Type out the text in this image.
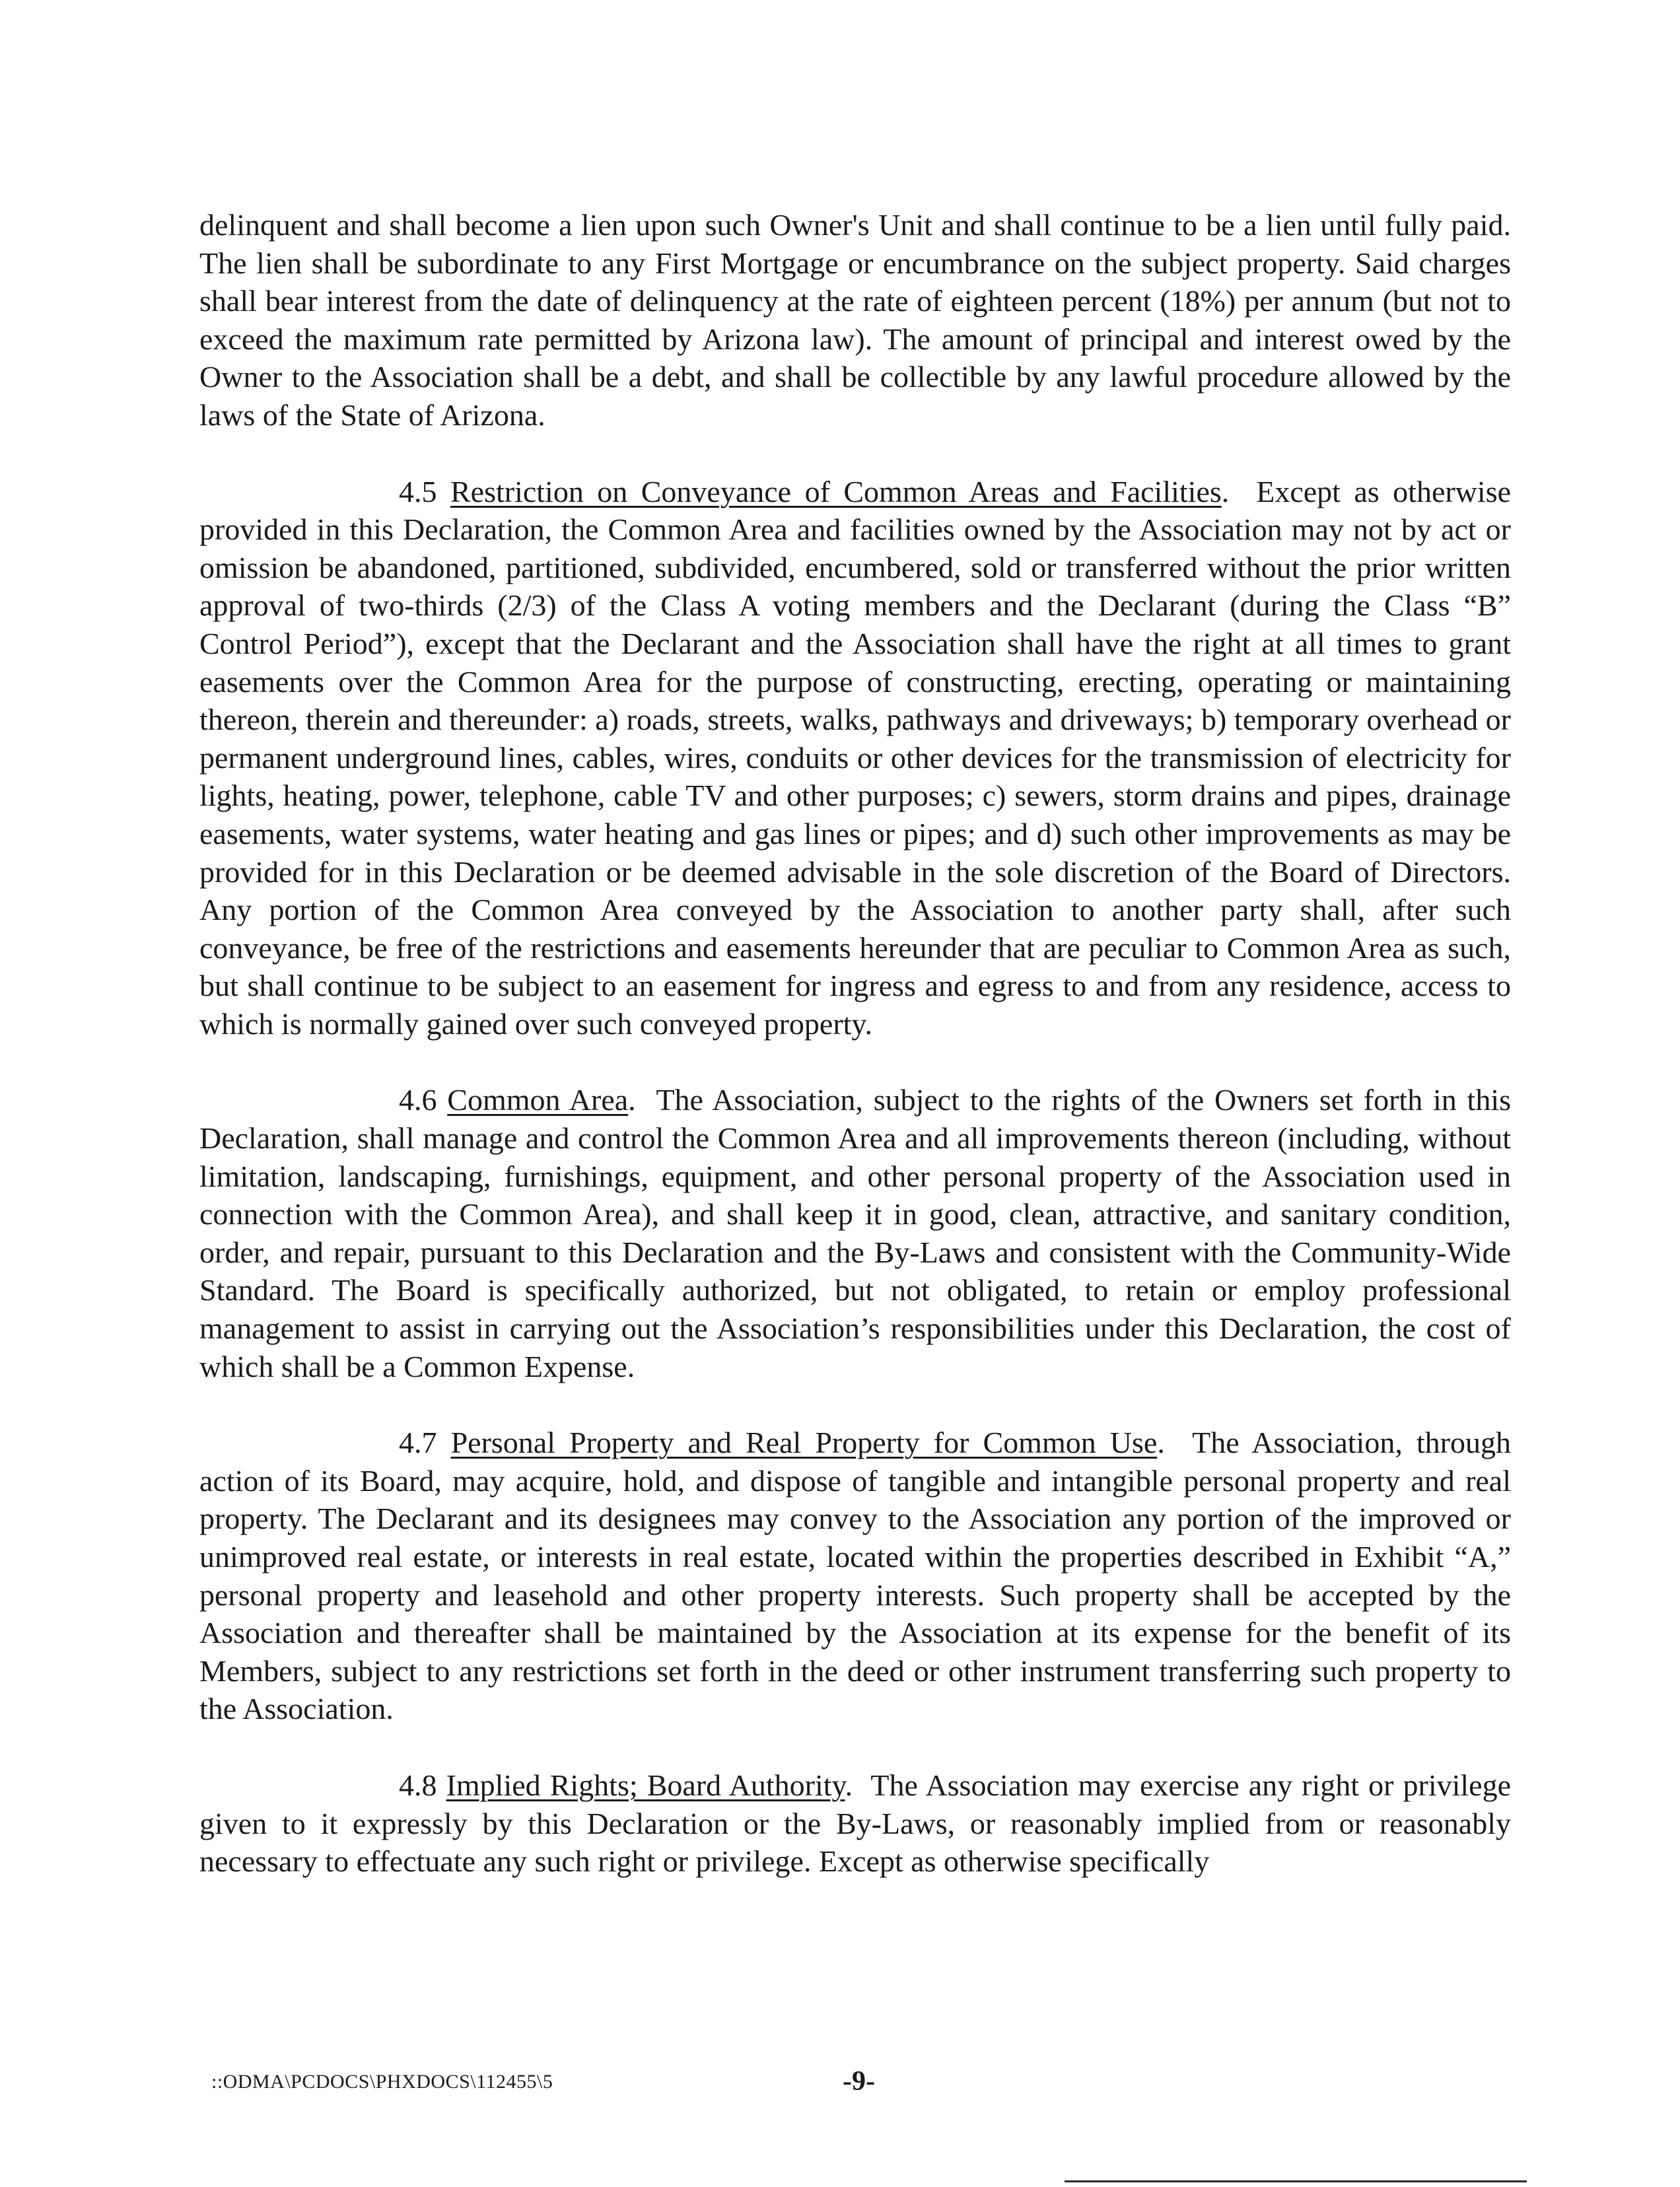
delinquent and shall become a lien upon such Owner's Unit and shall continue to be a lien until fully paid. The lien shall be subordinate to any First Mortgage or encumbrance on the subject property. Said charges shall bear interest from the date of delinquency at the rate of eighteen percent (18%) per annum (but not to exceed the maximum rate permitted by Arizona law). The amount of principal and interest owed by the Owner to the Association shall be a debt, and shall be collectible by any lawful procedure allowed by the laws of the State of Arizona.

4.5 Restriction on Conveyance of Common Areas and Facilities.  Except as otherwise provided in this Declaration, the Common Area and facilities owned by the Association may not by act or omission be abandoned, partitioned, subdivided, encumbered, sold or transferred without the prior written approval of two-thirds (2/3) of the Class A voting members and the Declarant (during the Class “B” Control Period”), except that the Declarant and the Association shall have the right at all times to grant easements over the Common Area for the purpose of constructing, erecting, operating or maintaining thereon, therein and thereunder: a) roads, streets, walks, pathways and driveways; b) temporary overhead or permanent underground lines, cables, wires, conduits or other devices for the transmission of electricity for lights, heating, power, telephone, cable TV and other purposes; c) sewers, storm drains and pipes, drainage easements, water systems, water heating and gas lines or pipes; and d) such other improvements as may be provided for in this Declaration or be deemed advisable in the sole discretion of the Board of Directors. Any portion of the Common Area conveyed by the Association to another party shall, after such conveyance, be free of the restrictions and easements hereunder that are peculiar to Common Area as such, but shall continue to be subject to an easement for ingress and egress to and from any residence, access to which is normally gained over such conveyed property.

4.6 Common Area.  The Association, subject to the rights of the Owners set forth in this Declaration, shall manage and control the Common Area and all improvements thereon (including, without limitation, landscaping, furnishings, equipment, and other personal property of the Association used in connection with the Common Area), and shall keep it in good, clean, attractive, and sanitary condition, order, and repair, pursuant to this Declaration and the By-Laws and consistent with the Community-Wide Standard. The Board is specifically authorized, but not obligated, to retain or employ professional management to assist in carrying out the Association’s responsibilities under this Declaration, the cost of which shall be a Common Expense.

4.7 Personal Property and Real Property for Common Use.  The Association, through action of its Board, may acquire, hold, and dispose of tangible and intangible personal property and real property. The Declarant and its designees may convey to the Association any portion of the improved or unimproved real estate, or interests in real estate, located within the properties described in Exhibit “A,” personal property and leasehold and other property interests. Such property shall be accepted by the Association and thereafter shall be maintained by the Association at its expense for the benefit of its Members, subject to any restrictions set forth in the deed or other instrument transferring such property to the Association.

4.8 Implied Rights; Board Authority.  The Association may exercise any right or privilege given to it expressly by this Declaration or the By-Laws, or reasonably implied from or reasonably necessary to effectuate any such right or privilege. Except as otherwise specifically

::ODMA\PCDOCS\PHXDOCS\112455\5	-9-
